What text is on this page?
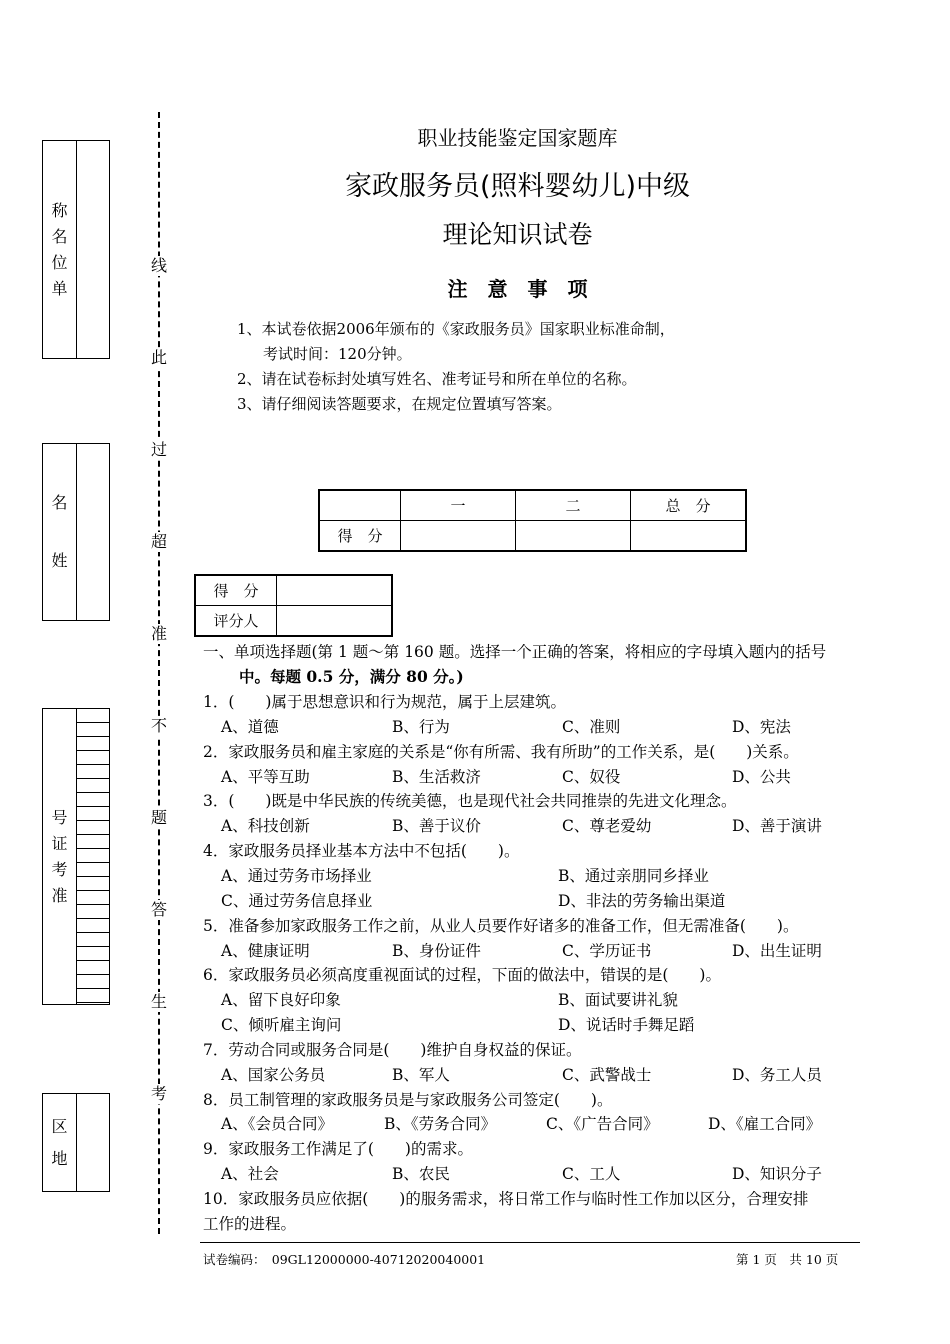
称
名
位
单
名
姓
号
证
考
准
区
地
线
此
过
超
准
不
题
答
生
考
职业技能鉴定国家题库
家政服务员(照料婴幼儿)中级
理论知识试卷
注　意　事　项
1、本试卷依据2006年颁布的《家政服务员》国家职业标准命制，
考试时间：120分钟。
2、请在试卷标封处填写姓名、准考证号和所在单位的名称。
3、请仔细阅读答题要求，在规定位置填写答案。
	一	二	总　分
得　分			
得　分	
评分人	
一、单项选择题(第 1 题～第 160 题。选择一个正确的答案，将相应的字母填入题内的括号
中。每题 0.5 分，满分 80 分。)
1．(　　)属于思想意识和行为规范，属于上层建筑。
A、道德	B、行为	C、准则	D、宪法
2．家政服务员和雇主家庭的关系是“你有所需、我有所助”的工作关系，是(　　)关系。
A、平等互助	B、生活救济	C、奴役	D、公共
3．(　　)既是中华民族的传统美德，也是现代社会共同推崇的先进文化理念。
A、科技创新	B、善于议价	C、尊老爱幼	D、善于演讲
4．家政服务员择业基本方法中不包括(　　)。
A、通过劳务市场择业	B、通过亲朋同乡择业
C、通过劳务信息择业	D、非法的劳务输出渠道
5．准备参加家政服务工作之前，从业人员要作好诸多的准备工作，但无需准备(　　)。
A、健康证明	B、身份证件	C、学历证书	D、出生证明
6．家政服务员必须高度重视面试的过程，下面的做法中，错误的是(　　)。
A、留下良好印象	B、面试要讲礼貌
C、倾听雇主询问	D、说话时手舞足蹈
7．劳动合同或服务合同是(　　)维护自身权益的保证。
A、国家公务员	B、军人	C、武警战士	D、务工人员
8．员工制管理的家政服务员是与家政服务公司签定(　　)。
A、《会员合同》	B、《劳务合同》	C、《广告合同》	D、《雇工合同》
9．家政服务工作满足了(　　)的需求。
A、社会	B、农民	C、工人	D、知识分子
10．家政服务员应依据(　　)的服务需求，将日常工作与临时性工作加以区分，合理安排
工作的进程。
试卷编码：　09GL12000000-40712020040001	第 1 页　共 10 页
